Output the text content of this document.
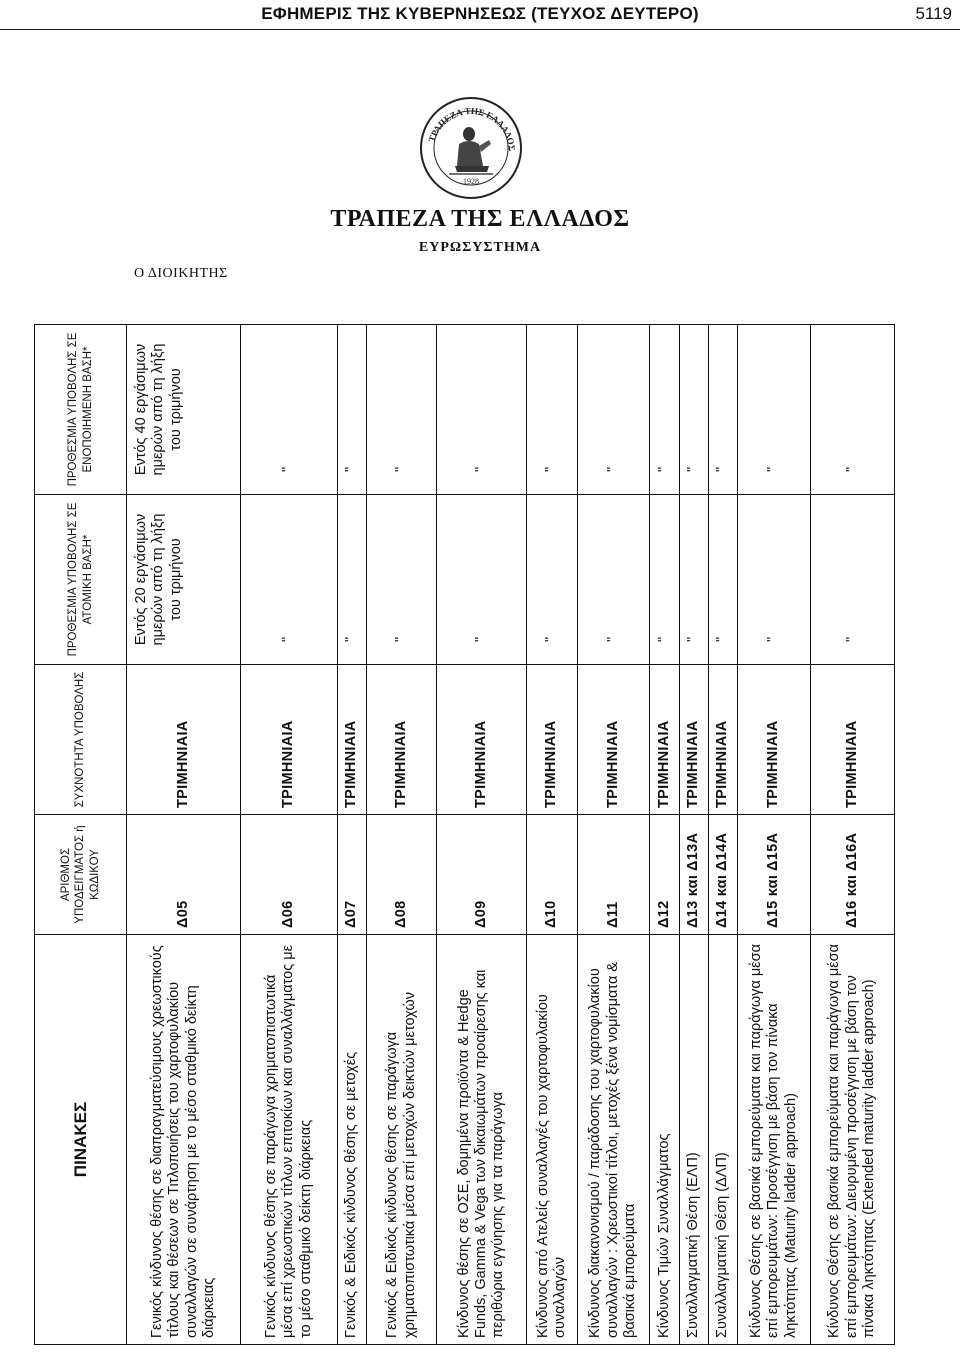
ΕΦΗΜΕΡΙΣ ΤΗΣ ΚΥΒΕΡΝΗΣΕΩΣ (ΤΕΥΧΟΣ ΔΕΥΤΕΡΟ)	5119
ΤΡΑΠΕΖΑ ΤΗΣ ΕΛΛΑΔΟΣ
1928
ΤΡΑΠΕΖΑ ΤΗΣ ΕΛΛΑΔΟΣ
ΕΥΡΩΣΥΣΤΗΜΑ
Ο ΔΙΟΙΚΗΤΗΣ
ΠΙΝΑΚΕΣ	ΑΡΙΘΜΟΣ ΥΠΟΔΕΙΓΜΑΤΟΣ ή ΚΩΔΙΚΟΥ	ΣΥΧΝΟΤΗΤΑ ΥΠΟΒΟΛΗΣ	ΠΡΟΘΕΣΜΙΑ ΥΠΟΒΟΛΗΣ ΣΕ ΑΤΟΜΙΚΗ ΒΑΣΗ*	ΠΡΟΘΕΣΜΙΑ ΥΠΟΒΟΛΗΣ ΣΕ ΕΝΟΠΟΙΗΜΕΝΗ ΒΑΣΗ*
Γενικός κίνδυνος θέσης σε διαπραγματεύσιμους χρεωστικούς τίτλους και θέσεων σε Τιτλοποιήσεις του χαρτοφυλακίου συναλλαγών σε συνάρτηση με το μέσο σταθμικό δείκτη διάρκειας	Δ05	ΤΡΙΜΗΝΙΑΙΑ	Εντός 20 εργάσιμων ημερών από τη λήξη του τριμήνου	Εντός 40 εργάσιμων ημερών από τη λήξη του τριμήνου
Γενικός κίνδυνος θέσης σε παράγωγα χρηματοπιστωτικά μέσα επί χρεωστικών τίτλων επιτοκίων και συναλλάγματος με το μέσο σταθμικό δείκτη διάρκειας	Δ06	ΤΡΙΜΗΝΙΑΙΑ	"	"
Γενικός & Ειδικός κίνδυνος θέσης σε μετοχές	Δ07	ΤΡΙΜΗΝΙΑΙΑ	"	"
Γενικός & Ειδικός κίνδυνος θέσης σε παράγωγα χρηματοπιστωτικά μέσα επί μετοχών δεικτών μετοχών	Δ08	ΤΡΙΜΗΝΙΑΙΑ	"	"
Κίνδυνος θέσης σε ΟΣΕ, δομημένα προϊόντα & Hedge Funds, Gamma & Vega των δικαιωμάτων προαίρεσης και περιθώρια εγγύησης για τα παράγωγα	Δ09	ΤΡΙΜΗΝΙΑΙΑ	"	"
Κίνδυνος από Ατελείς συναλλαγές του χαρτοφυλακίου συναλλαγών	Δ10	ΤΡΙΜΗΝΙΑΙΑ	"	"
Κίνδυνος διακανονισμού / παράδοσης του χαρτοφυλακίου συναλλαγών : Χρεωστικοί τίτλοι, μετοχές ξένα νομίσματα & βασικά εμπορεύματα	Δ11	ΤΡΙΜΗΝΙΑΙΑ	"	"
Κίνδυνος Τιμών Συναλλάγματος	Δ12	ΤΡΙΜΗΝΙΑΙΑ	"	"
Συναλλαγματική Θέση (ΕΛΠ)	Δ13 και Δ13Α	ΤΡΙΜΗΝΙΑΙΑ	"	"
Συναλλαγματική Θέση (ΔΛΠ)	Δ14 και Δ14Α	ΤΡΙΜΗΝΙΑΙΑ	"	"
Κίνδυνος Θέσης σε βασικά εμπορεύματα και παράγωγα μέσα επί εμπορευμάτων: Προσέγγιση με βάση τον πίνακα ληκτότητας (Maturity ladder approach)	Δ15 και Δ15Α	ΤΡΙΜΗΝΙΑΙΑ	"	"
Κίνδυνος Θέσης σε βασικά εμπορεύματα και παράγωγα μέσα επί εμπορευμάτων: Διευρυμένη προσέγγιση με βάση τον πίνακα ληκτότητας (Extended maturity ladder approach)	Δ16 και Δ16Α	ΤΡΙΜΗΝΙΑΙΑ	"	"
